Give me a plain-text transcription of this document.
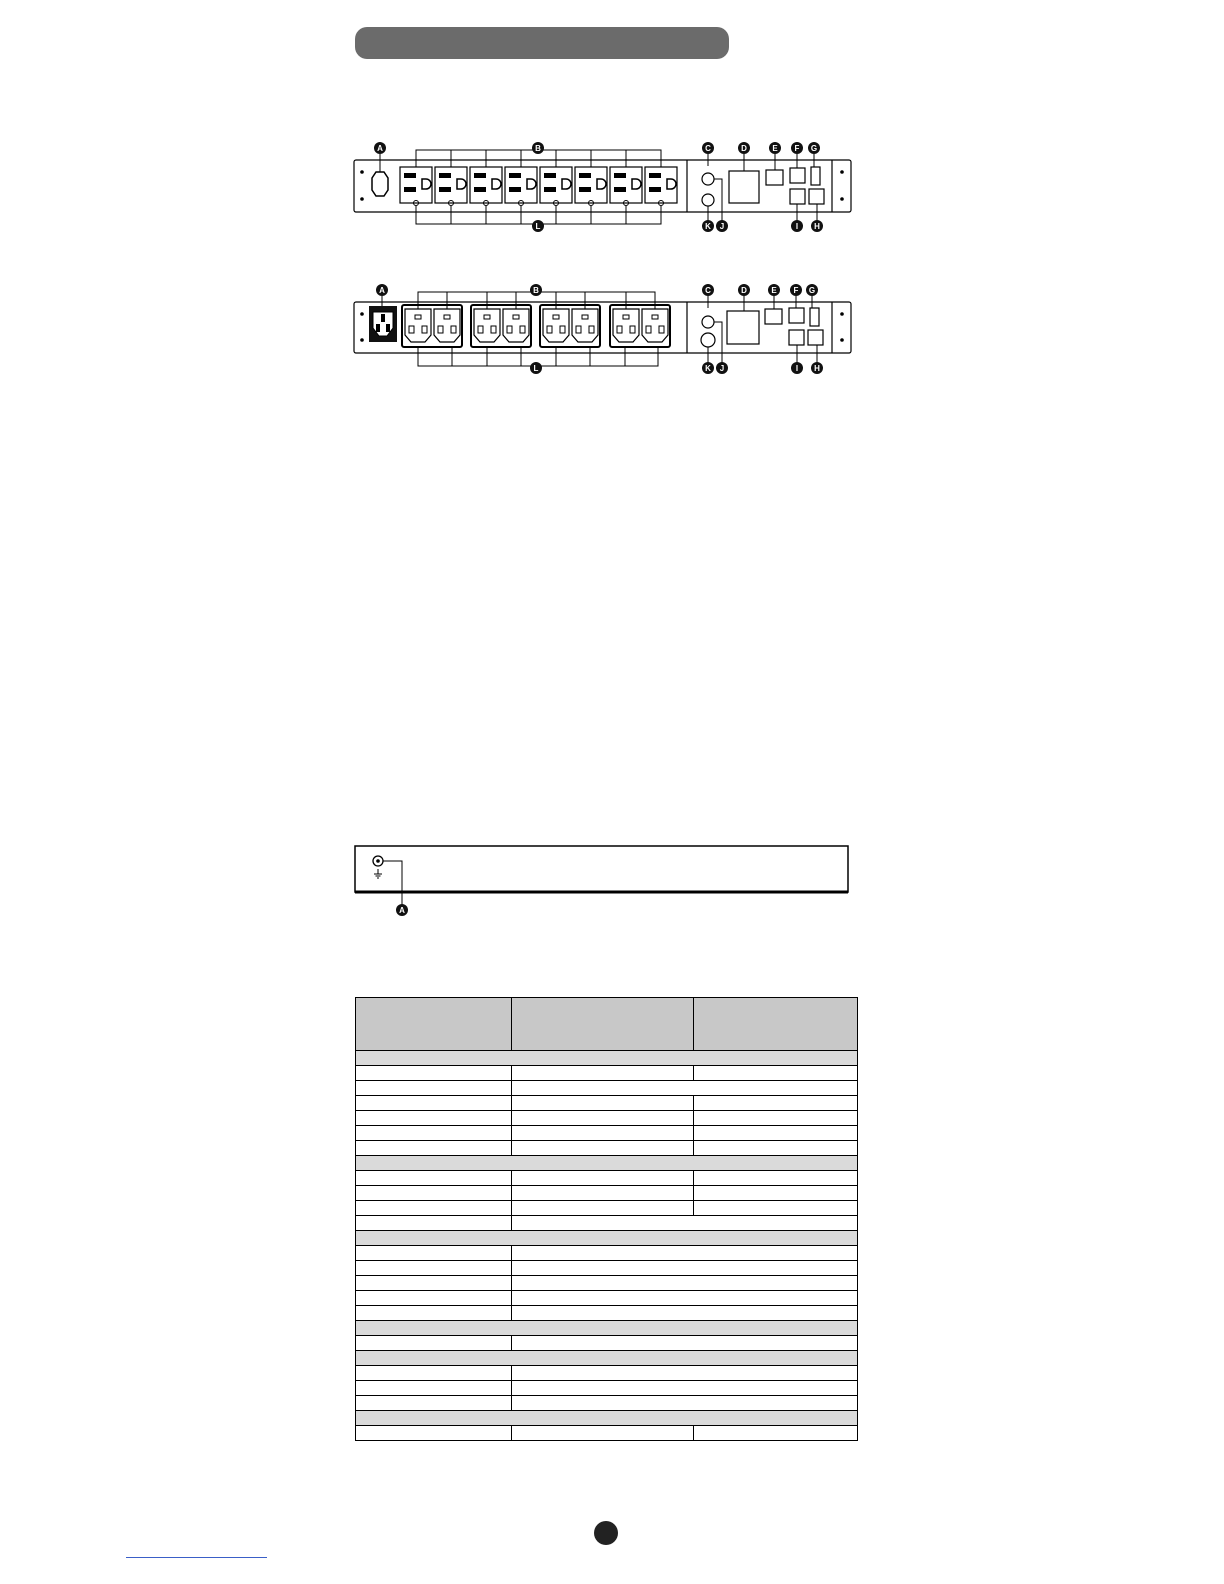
A	B
L
C	D	E F G
K J	I H
A	B
L
C	D	E F G
K J	I H
A
